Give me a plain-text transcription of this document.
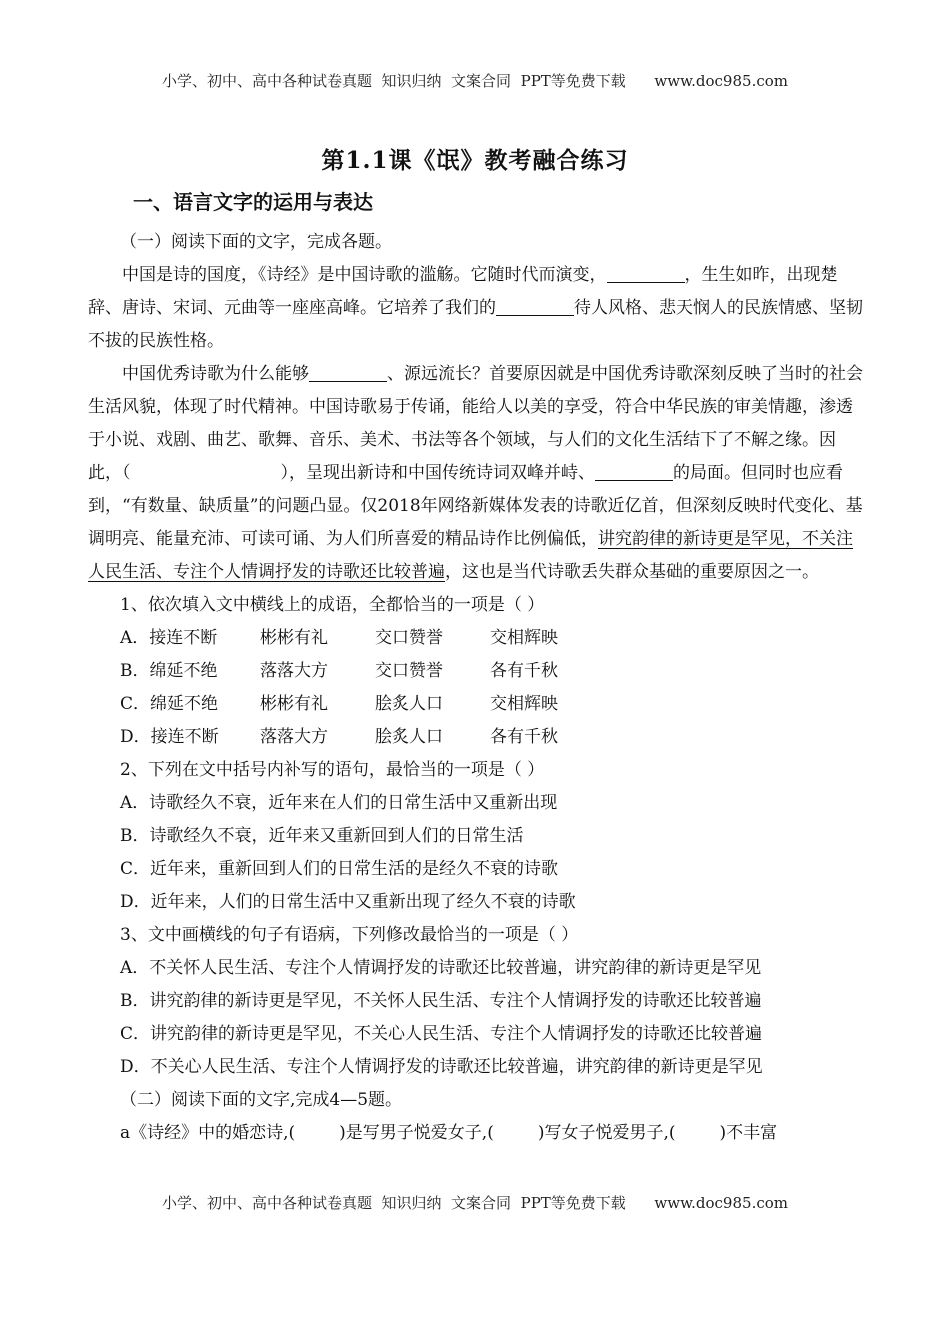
小学、初中、高中各种试卷真题  知识归纳  文案合同  PPT等免费下载      www.doc985.com
第1.1课《氓》教考融合练习
一、语言文字的运用与表达

（一）阅读下面的文字，完成各题。

中国是诗的国度，《诗经》是中国诗歌的滥觞。它随时代而演变，	，生生如昨，出现楚辞、唐诗、宋词、元曲等一座座高峰。它培养了我们的	待人风格、悲天悯人的民族情感、坚韧不拔的民族性格。

中国优秀诗歌为什么能够	、源远流长？首要原因就是中国优秀诗歌深刻反映了当时的社会生活风貌，体现了时代精神。中国诗歌易于传诵，能给人以美的享受，符合中华民族的审美情趣，渗透于小说、戏剧、曲艺、歌舞、音乐、美术、书法等各个领域，与人们的文化生活结下了不解之缘。因此，（	），呈现出新诗和中国传统诗词双峰并峙、	的局面。但同时也应看到，“有数量、缺质量”的问题凸显。仅2018年网络新媒体发表的诗歌近亿首，但深刻反映时代变化、基调明亮、能量充沛、可读可诵、为人们所喜爱的精品诗作比例偏低，讲究韵律的新诗更是罕见，不关注人民生活、专注个人情调抒发的诗歌还比较普遍，这也是当代诗歌丢失群众基础的重要原因之一。

1、依次填入文中横线上的成语，全都恰当的一项是（ ）

A．接连不断	彬彬有礼	交口赞誉	交相辉映
B．绵延不绝	落落大方	交口赞誉	各有千秋
C．绵延不绝 彬彬有礼	脍炙人口	交相辉映
D．接连不断 落落大方	脍炙人口	各有千秋

2、下列在文中括号内补写的语句，最恰当的一项是（ ）

A．诗歌经久不衰，近年来在人们的日常生活中又重新出现
B．诗歌经久不衰，近年来又重新回到人们的日常生活
C．近年来，重新回到人们的日常生活的是经久不衰的诗歌
D．近年来，人们的日常生活中又重新出现了经久不衰的诗歌

3、文中画横线的句子有语病，下列修改最恰当的一项是（ ）

A．不关怀人民生活、专注个人情调抒发的诗歌还比较普遍，讲究韵律的新诗更是罕见
B．讲究韵律的新诗更是罕见，不关怀人民生活、专注个人情调抒发的诗歌还比较普遍
C．讲究韵律的新诗更是罕见，不关心人民生活、专注个人情调抒发的诗歌还比较普遍
D．不关心人民生活、专注个人情调抒发的诗歌还比较普遍，讲究韵律的新诗更是罕见

（二）阅读下面的文字,完成4—5题。

a《诗经》中的婚恋诗,(	)是写男子悦爱女子,(	)写女子悦爱男子,(	)不丰富

小学、初中、高中各种试卷真题  知识归纳  文案合同  PPT等免费下载      www.doc985.com
